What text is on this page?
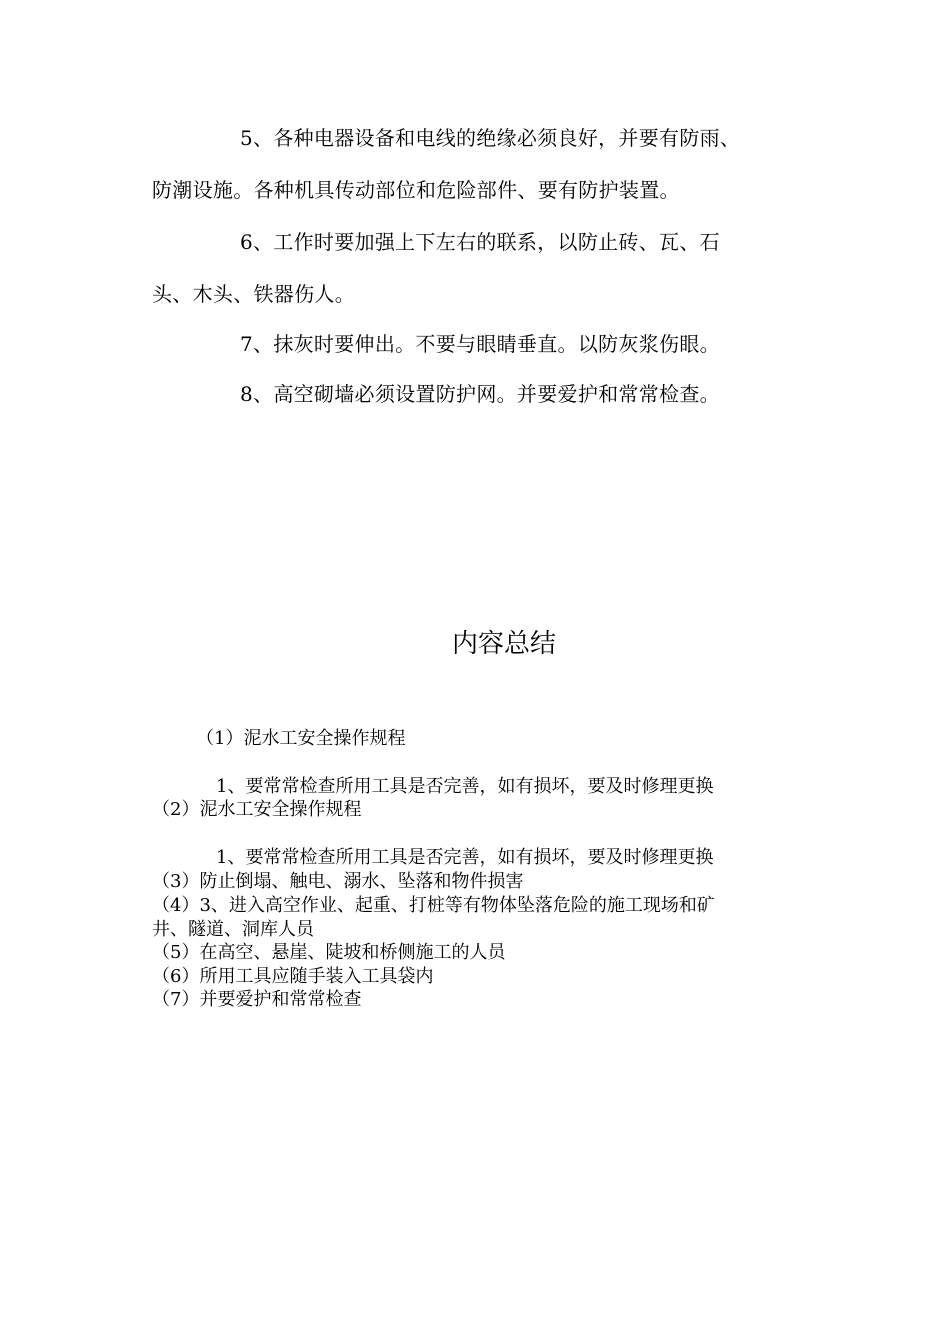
5、各种电器设备和电线的绝缘必须良好，并要有防雨、
防潮设施。各种机具传动部位和危险部件、要有防护装置。
6、工作时要加强上下左右的联系，以防止砖、瓦、石
头、木头、铁器伤人。
7、抹灰时要伸出。不要与眼睛垂直。以防灰浆伤眼。
8、高空砌墙必须设置防护网。并要爱护和常常检查。
内容总结
（1）泥水工安全操作规程
1、要常常检查所用工具是否完善，如有损坏，要及时修理更换
（2）泥水工安全操作规程
1、要常常检查所用工具是否完善，如有损坏，要及时修理更换
（3）防止倒塌、触电、溺水、坠落和物件损害
（4）3、进入高空作业、起重、打桩等有物体坠落危险的施工现场和矿
井、隧道、洞库人员
（5）在高空、悬崖、陡坡和桥侧施工的人员
（6）所用工具应随手装入工具袋内
（7）并要爱护和常常检查
